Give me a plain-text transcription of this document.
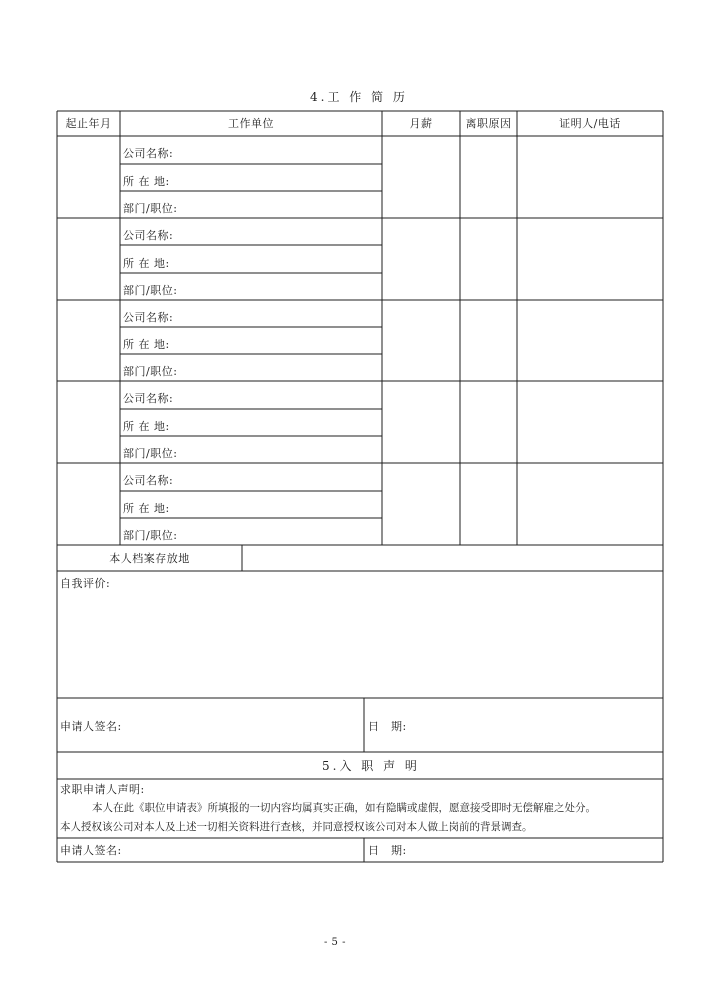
4.工 作 简 历
起止年月	工作单位	月薪	离职原因	证明人/电话
公司名称:
所 在 地:
部门/职位:
公司名称:
所 在 地:
部门/职位:
公司名称:
所 在 地:
部门/职位:
公司名称:
所 在 地:
部门/职位:
公司名称:
所 在 地:
部门/职位:
本人档案存放地
自我评价:
申请人签名:	日　期:
5.入 职 声 明
求职申请人声明:
本人在此《职位申请表》所填报的一切内容均属真实正确，如有隐瞒或虚假，愿意接受即时无偿解雇之处分。
本人授权该公司对本人及上述一切相关资料进行查核，并同意授权该公司对本人做上岗前的背景调查。
申请人签名:	日　期:
- 5 -
